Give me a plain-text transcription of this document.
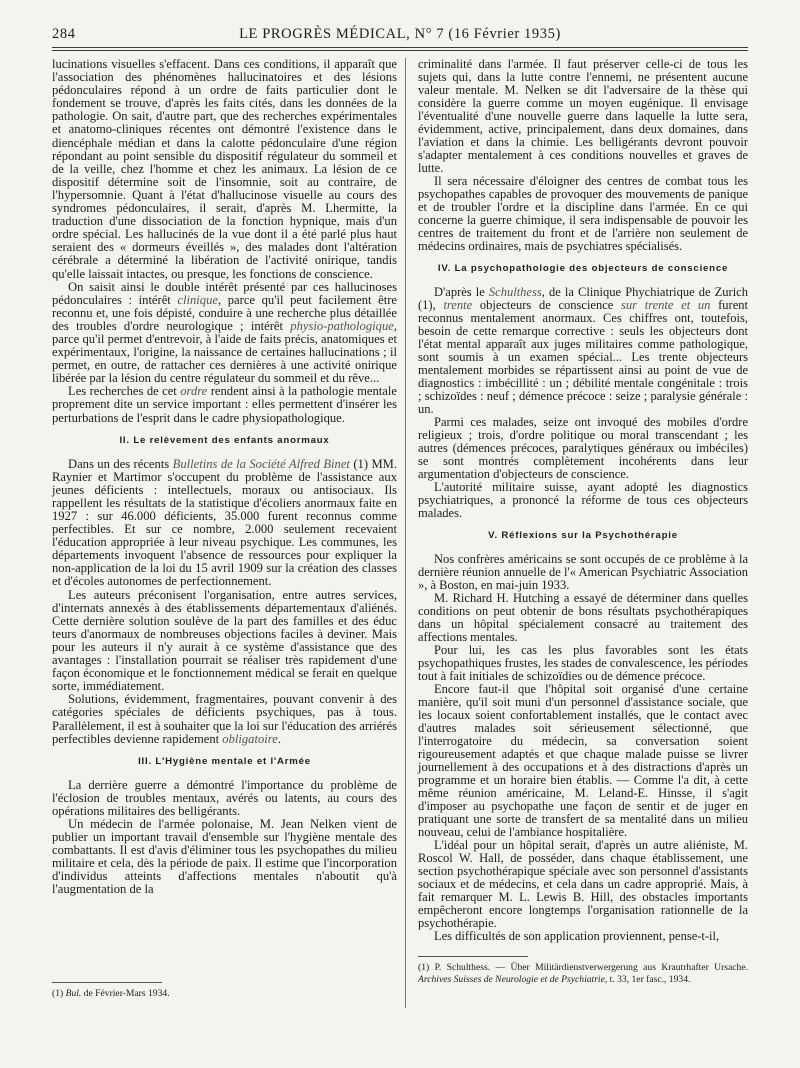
284	LE PROGRÈS MÉDICAL, N° 7 (16 Février 1935)

lucinations visuelles s'effacent. Dans ces conditions, il apparaît que l'association des phénomènes hallucinatoires et des lésions pédonculaires répond à un ordre de faits particulier dont le fondement se trouve, d'après les faits cités, dans les données de la pathologie. On sait, d'autre part, que des recherches expérimentales et anatomo-cliniques récentes ont démontré l'existence dans le diencéphale médian et dans la calotte pédonculaire d'une région répondant au point sensible du dispositif régulateur du sommeil et de la veille, chez l'homme et chez les animaux. La lésion de ce dispositif détermine soit de l'insomnie, soit au contraire, de l'hypersomnie. Quant à l'état d'hallucinose visuelle au cours des syndromes pédonculaires, il serait, d'après M. Lhermitte, la traduction d'une dissociation de la fonction hypnique, mais d'un ordre spécial. Les hallucinés de la vue dont il a été parlé plus haut seraient des « dormeurs éveillés », des malades dont l'altération cérébrale a déterminé la libération de l'activité onirique, tandis qu'elle laissait intactes, ou presque, les fonctions de conscience.

On saisit ainsi le double intérêt présenté par ces hallucinoses pédonculaires : intérêt clinique, parce qu'il peut facilement être reconnu et, une fois dépisté, conduire à une recherche plus détaillée des troubles d'ordre neurologique ; intérêt physio-pathologique, parce qu'il permet d'entrevoir, à l'aide de faits précis, anatomiques et expérimentaux, l'origine, la naissance de certaines hallucinations ; il permet, en outre, de rattacher ces dernières à une activité onirique libérée par la lésion du centre régulateur du sommeil et du rêve...

Les recherches de cet ordre rendent ainsi à la pathologie mentale proprement dite un service important : elles permettent d'insérer les perturbations de l'esprit dans le cadre physiopathologique.

II. Le relèvement des enfants anormaux

Dans un des récents Bulletins de la Société Alfred Binet (1) MM. Raynier et Martimor s'occupent du problème de l'assistance aux jeunes déficients : intellectuels, moraux ou antisociaux. Ils rappellent les résultats de la statistique d'écoliers anormaux faite en 1927 : sur 46.000 déficients, 35.000 furent reconnus comme perfectibles. Et sur ce nombre, 2.000 seulement recevaient l'éducation appropriée à leur niveau psychique. Les communes, les départements invoquent l'absence de ressources pour expliquer la non-application de la loi du 15 avril 1909 sur la création des classes et d'écoles autonomes de perfectionnement.

Les auteurs préconisent l'organisation, entre autres services, d'internats annexés à des établissements départementaux d'aliénés. Cette dernière solution soulève de la part des familles et des éduc teurs d'anormaux de nombreuses objections faciles à deviner. Mais pour les auteurs il n'y aurait à ce système d'assistance que des avantages : l'installation pourrait se réaliser très rapidement d'une façon économique et le fonctionnement médical se ferait en quelque sorte, immédiatement.

Solutions, évidemment, fragmentaires, pouvant convenir à des catégories spéciales de déficients psychiques, pas à tous. Parallèlement, il est à souhaiter que la loi sur l'éducation des arriérés perfectibles devienne rapidement obligatoire.

III. L'Hygiène mentale et l'Armée

La derrière guerre a démontré l'importance du problème de l'éclosion de troubles mentaux, avérés ou latents, au cours des opérations militaires des belligérants.

Un médecin de l'armée polonaise, M. Jean Nelken vient de publier un important travail d'ensemble sur l'hygiène mentale des combattants. Il est d'avis d'éliminer tous les psychopathes du milieu militaire et cela, dès la période de paix. Il estime que l'incorporation d'individus atteints d'affections mentales n'aboutit qu'à l'augmentation de la

criminalité dans l'armée. Il faut préserver celle-ci de tous les sujets qui, dans la lutte contre l'ennemi, ne présentent aucune valeur mentale. M. Nelken se dit l'adversaire de la thèse qui considère la guerre comme un moyen eugénique. Il envisage l'éventualité d'une nouvelle guerre dans laquelle la lutte sera, évidemment, active, principalement, dans deux domaines, dans l'aviation et dans la chimie. Les belligérants devront pouvoir s'adapter mentalement à ces conditions nouvelles et graves de lutte.

Il sera nécessaire d'éloigner des centres de combat tous les psychopathes capables de provoquer des mouvements de panique et de troubler l'ordre et la discipline dans l'armée. En ce qui concerne la guerre chimique, il sera indispensable de pouvoir les centres de traitement du front et de l'arrière non seulement de médecins ordinaires, mais de psychiatres spécialisés.

IV. La psychopathologie des objecteurs de conscience

D'après le Schulthess, de la Clinique Phychiatrique de Zurich (1), trente objecteurs de conscience sur trente et un furent reconnus mentalement anormaux. Ces chiffres ont, toutefois, besoin de cette remarque corrective : seuls les objecteurs dont l'état mental apparaît aux juges militaires comme pathologique, sont soumis à un examen spécial... Les trente objecteurs mentalement morbides se répartissent ainsi au point de vue de diagnostics : imbécillité : un ; débilité mentale congénitale : trois ; schizoïdes : neuf ; démence précoce : seize ; paralysie générale : un.

Parmi ces malades, seize ont invoqué des mobiles d'ordre religieux ; trois, d'ordre politique ou moral transcendant ; les autres (démences précoces, paralytiques généraux ou imbéciles) se sont montrés complètement incohérents dans leur argumentation d'objecteurs de conscience.

L'autorité militaire suisse, ayant adopté les diagnostics psychiatriques, a prononcé la réforme de tous ces objecteurs malades.

V. Réflexions sur la Psychothérapie

Nos confrères américains se sont occupés de ce problème à la dernière réunion annuelle de l'« American Psychiatric Association », à Boston, en mai-juin 1933.

M. Richard H. Hutching a essayé de déterminer dans quelles conditions on peut obtenir de bons résultats psychothérapiques dans un hôpital spécialement consacré au traitement des affections mentales.

Pour lui, les cas les plus favorables sont les états psychopathiques frustes, les stades de convalescence, les périodes tout à fait initiales de schizoïdies ou de démence précoce.

Encore faut-il que l'hôpital soit organisé d'une certaine manière, qu'il soit muni d'un personnel d'assistance sociale, que les locaux soient confortablement installés, que le contact avec d'autres malades soit sérieusement sélectionné, que l'interrogatoire du médecin, sa conversation soient rigoureusement adaptés et que chaque malade puisse se livrer journellement à des occupations et à des distractions d'après un programme et un horaire bien établis. — Comme l'a dit, à cette même réunion américaine, M. Leland-E. Hinsse, il s'agit d'imposer au psychopathe une façon de sentir et de juger en pratiquant une sorte de transfert de sa mentalité dans un milieu nouveau, celui de l'ambiance hospitalière.

L'idéal pour un hôpital serait, d'après un autre aliéniste, M. Roscol W. Hall, de posséder, dans chaque établissement, une section psychothérapique spéciale avec son personnel d'assistants sociaux et de médecins, et cela dans un cadre approprié. Mais, à fait remarquer M. L. Lewis B. Hill, des obstacles importants empêcheront encore longtemps l'organisation rationnelle de la psychothérapie.

Les difficultés de son application proviennent, pense-t-il,

(1) Bul. de Février-Mars 1934.
(1) P. Schulthess. — Über Militärdienstverwergerung aus Krautrhafter Ursache. Archives Suisses de Neurologie et de Psychiatrie, t. 33, 1er fasc., 1934.
